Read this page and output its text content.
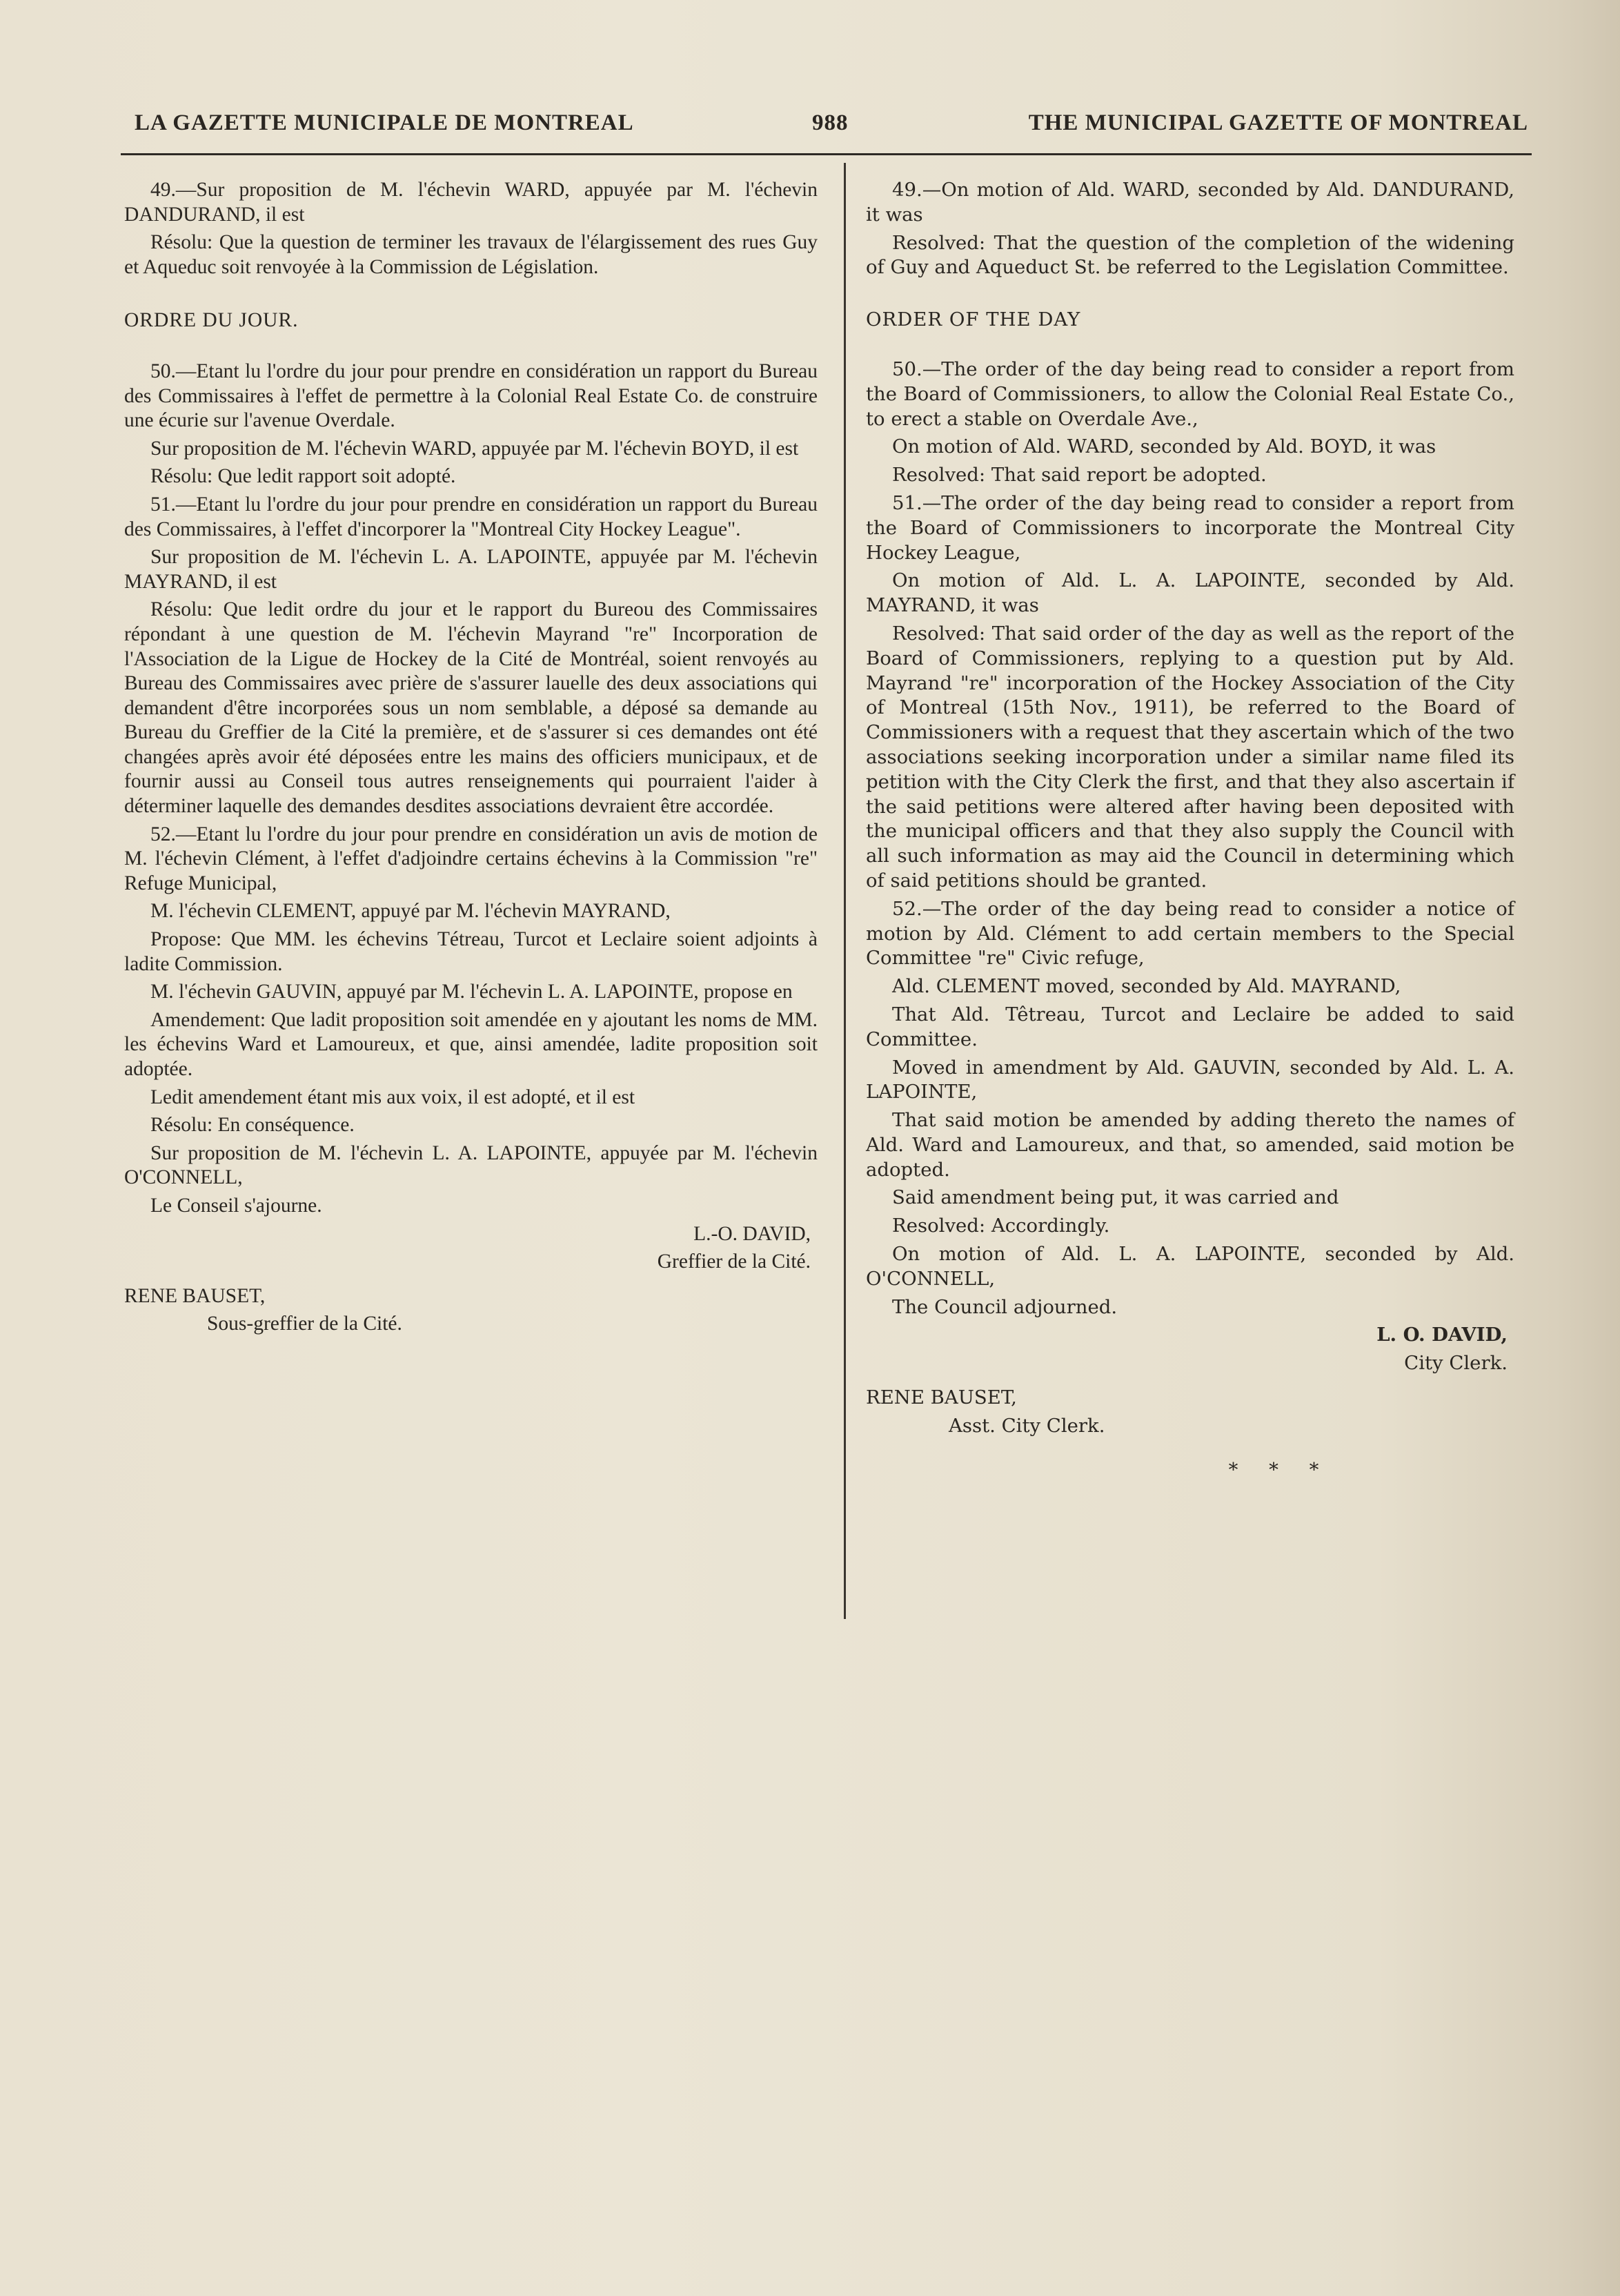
LA GAZETTE MUNICIPALE DE MONTREAL	988	THE MUNICIPAL GAZETTE OF MONTREAL

49.—Sur proposition de M. l'échevin WARD, appuyée par M. l'échevin DANDURAND, il est

Résolu: Que la question de terminer les travaux de l'élargissement des rues Guy et Aqueduc soit renvoyée à la Commission de Législation.

ORDRE DU JOUR.

50.—Etant lu l'ordre du jour pour prendre en considération un rapport du Bureau des Commissaires à l'effet de permettre à la Colonial Real Estate Co. de construire une écurie sur l'avenue Overdale.

Sur proposition de M. l'échevin WARD, appuyée par M. l'échevin BOYD, il est

Résolu: Que ledit rapport soit adopté.

51.—Etant lu l'ordre du jour pour prendre en considération un rapport du Bureau des Commissaires, à l'effet d'incorporer la "Montreal City Hockey League".

Sur proposition de M. l'échevin L. A. LAPOINTE, appuyée par M. l'échevin MAYRAND, il est

Résolu: Que ledit ordre du jour et le rapport du Bureou des Commissaires répondant à une question de M. l'échevin Mayrand "re" Incorporation de l'Association de la Ligue de Hockey de la Cité de Montréal, soient renvoyés au Bureau des Commissaires avec prière de s'assurer lauelle des deux associations qui demandent d'être incorporées sous un nom semblable, a déposé sa demande au Bureau du Greffier de la Cité la première, et de s'assurer si ces demandes ont été changées après avoir été déposées entre les mains des officiers municipaux, et de fournir aussi au Conseil tous autres renseignements qui pourraient l'aider à déterminer laquelle des demandes desdites associations devraient être accordée.

52.—Etant lu l'ordre du jour pour prendre en considération un avis de motion de M. l'échevin Clément, à l'effet d'adjoindre certains échevins à la Commission "re" Refuge Municipal,

M. l'échevin CLEMENT, appuyé par M. l'échevin MAYRAND,

Propose: Que MM. les échevins Tétreau, Turcot et Leclaire soient adjoints à ladite Commission.

M. l'échevin GAUVIN, appuyé par M. l'échevin L. A. LAPOINTE, propose en

Amendement: Que ladit proposition soit amendée en y ajoutant les noms de MM. les échevins Ward et Lamoureux, et que, ainsi amendée, ladite proposition soit adoptée.

Ledit amendement étant mis aux voix, il est adopté, et il est

Résolu: En conséquence.

Sur proposition de M. l'échevin L. A. LAPOINTE, appuyée par M. l'échevin O'CONNELL,

Le Conseil s'ajourne.

L.-O. DAVID,

Greffier de la Cité.

RENE BAUSET,

Sous-greffier de la Cité.

49.—On motion of Ald. WARD, seconded by Ald. DANDURAND, it was

Resolved: That the question of the completion of the widening of Guy and Aqueduct St. be referred to the Legislation Committee.

ORDER OF THE DAY

50.—The order of the day being read to consider a report from the Board of Commissioners, to allow the Colonial Real Estate Co., to erect a stable on Overdale Ave.,

On motion of Ald. WARD, seconded by Ald. BOYD, it was

Resolved: That said report be adopted.

51.—The order of the day being read to consider a report from the Board of Commissioners to incorporate the Montreal City Hockey League,

On motion of Ald. L. A. LAPOINTE, seconded by Ald. MAYRAND, it was

Resolved: That said order of the day as well as the report of the Board of Commissioners, replying to a question put by Ald. Mayrand "re" incorporation of the Hockey Association of the City of Montreal (15th Nov., 1911), be referred to the Board of Commissioners with a request that they ascertain which of the two associations seeking incorporation under a similar name filed its petition with the City Clerk the first, and that they also ascertain if the said petitions were altered after having been deposited with the municipal officers and that they also supply the Council with all such information as may aid the Council in determining which of said petitions should be granted.

52.—The order of the day being read to consider a notice of motion by Ald. Clément to add certain members to the Special Committee "re" Civic refuge,

Ald. CLEMENT moved, seconded by Ald. MAYRAND,

That Ald. Têtreau, Turcot and Leclaire be added to said Committee.

Moved in amendment by Ald. GAUVIN, seconded by Ald. L. A. LAPOINTE,

That said motion be amended by adding thereto the names of Ald. Ward and Lamoureux, and that, so amended, said motion be adopted.

Said amendment being put, it was carried and

Resolved: Accordingly.

On motion of Ald. L. A. LAPOINTE, seconded by Ald. O'CONNELL,

The Council adjourned.

L. O. DAVID,

City Clerk.

RENE BAUSET,

Asst. City Clerk.

* * *
